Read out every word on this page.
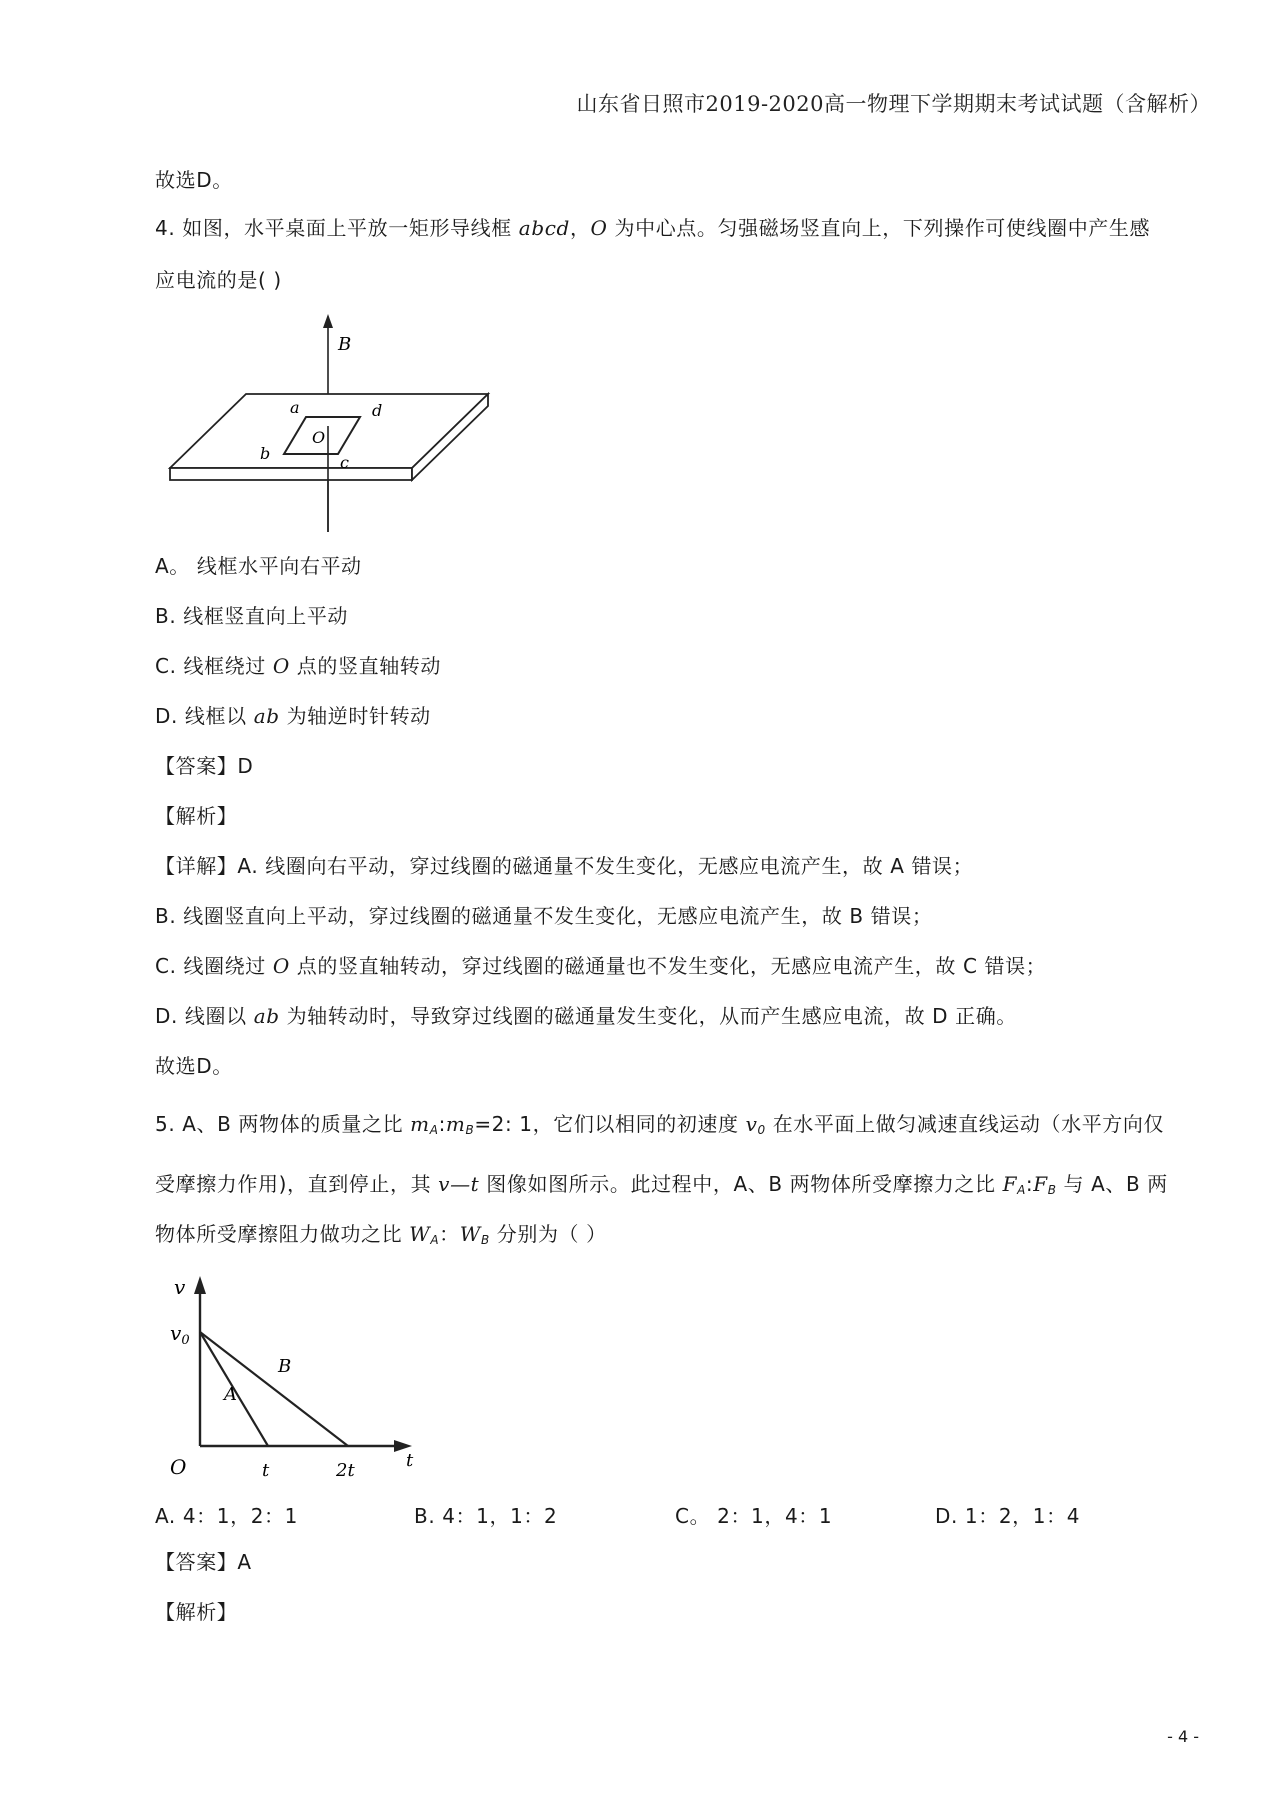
山东省日照市2019-2020高一物理下学期期末考试试题（含解析）
故选D。
4. 如图，水平桌面上平放一矩形导线框 abcd，O 为中心点。匀强磁场竖直向上，下列操作可使线圈中产生感
应电流的是( )
B
a	d
O
b	c
A。 线框水平向右平动
B. 线框竖直向上平动
C. 线框绕过 O 点的竖直轴转动
D. 线框以 ab 为轴逆时针转动
【答案】D
【解析】
【详解】A. 线圈向右平动，穿过线圈的磁通量不发生变化，无感应电流产生，故 A 错误；
B. 线圈竖直向上平动，穿过线圈的磁通量不发生变化，无感应电流产生，故 B 错误；
C. 线圈绕过 O 点的竖直轴转动，穿过线圈的磁通量也不发生变化，无感应电流产生，故 C 错误；
D. 线圈以 ab 为轴转动时，导致穿过线圈的磁通量发生变化，从而产生感应电流，故 D 正确。
故选D。
5. A、B 两物体的质量之比 $m_A:m_B=2$: 1，它们以相同的初速度 $v_0$ 在水平面上做匀减速直线运动（水平方向仅
受摩擦力作用)，直到停止，其 v—t 图像如图所示。此过程中，A、B 两物体所受摩擦力之比 $F_A:F_B$ 与 A、B 两
物体所受摩擦阻力做功之比 $W_A$：$W_B$ 分别为（ ）
v
$v_0$
A
B
O	t	2t	t
A. 4：1，2：1	B. 4：1，1：2	C。 2：1，4：1	D. 1：2，1：4
【答案】A
【解析】
- 4 -
